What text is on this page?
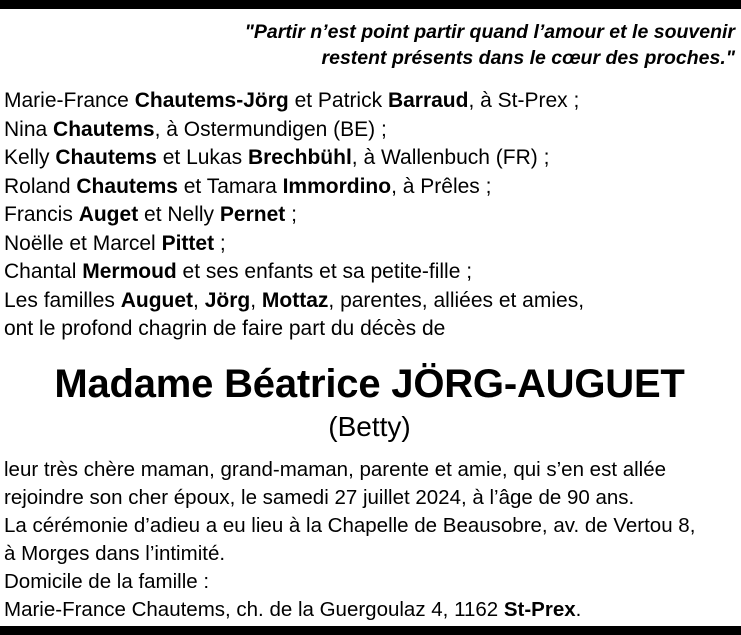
"Partir n’est point partir quand l’amour et le souvenir
restent présents dans le cœur des proches."
Marie-France Chautems-Jörg et Patrick Barraud, à St-Prex ;
Nina Chautems, à Ostermundigen (BE) ;
Kelly Chautems et Lukas Brechbühl, à Wallenbuch (FR) ;
Roland Chautems et Tamara Immordino, à Prêles ;
Francis Auget et Nelly Pernet ;
Noëlle et Marcel Pittet ;
Chantal Mermoud et ses enfants et sa petite-fille ;
Les familles Auguet, Jörg, Mottaz, parentes, alliées et amies,
ont le profond chagrin de faire part du décès de
Madame Béatrice JÖRG-AUGUET
(Betty)
leur très chère maman, grand-maman, parente et amie, qui s’en est allée
rejoindre son cher époux, le samedi 27 juillet 2024, à l’âge de 90 ans.
La cérémonie d’adieu a eu lieu à la Chapelle de Beausobre, av. de Vertou 8,
à Morges dans l’intimité.
Domicile de la famille :
Marie-France Chautems, ch. de la Guergoulaz 4, 1162 St-Prex.
